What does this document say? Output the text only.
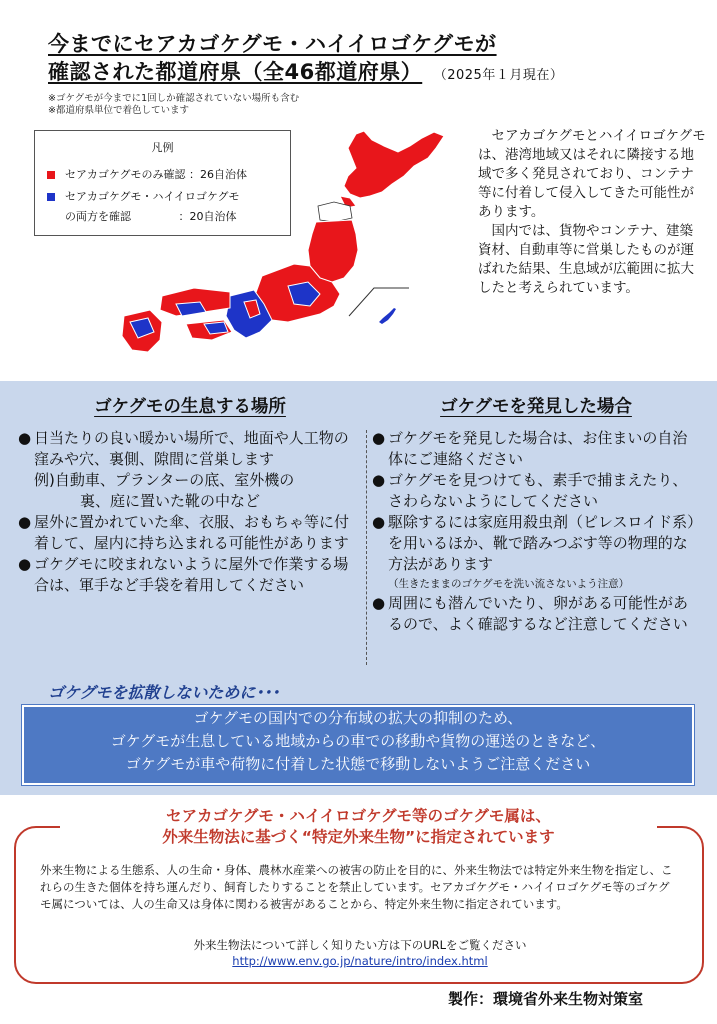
今までにセアカゴケグモ・ハイイロゴケグモが
確認された都道府県（全46都道府県） （2025年１月現在）
※ゴケグモが今までに1回しか確認されていない場所も含む
※都道府県単位で着色しています
凡例
セアカゴケグモのみ確認 ：26自治体
セアカゴケグモ・ハイイロゴケグモ
の両方を確認　　　　 ：20自治体

　セアカゴケグモとハイイロゴケグモは、港湾地域又はそれに隣接する地域で多く発見されており、コンテナ等に付着して侵入してきた可能性があります。

　国内では、貨物やコンテナ、建築資材、自動車等に営巣したものが運ばれた結果、生息域が広範囲に拡大したと考えられています。

ゴケグモの生息する場所	ゴケグモを発見した場合
● 日当たりの良い暖かい場所で、地面や人工物の窪みや穴、裏側、隙間に営巣します
例)自動車、プランターの底、室外機の
裏、庭に置いた靴の中など
● 屋外に置かれていた傘、衣服、おもちゃ等に付着して、屋内に持ち込まれる可能性があります
● ゴケグモに咬まれないように屋外で作業する場合は、軍手など手袋を着用してください
● ゴケグモを発見した場合は、お住まいの自治体にご連絡ください
● ゴケグモを見つけても、素手で捕まえたり、さわらないようにしてください
● 駆除するには家庭用殺虫剤（ピレスロイド系）を用いるほか、靴で踏みつぶす等の物理的な方法があります
（生きたままのゴケグモを洗い流さないよう注意）
● 周囲にも潜んでいたり、卵がある可能性があるので、よく確認するなど注意してください
ゴケグモを拡散しないために･･･
ゴケグモの国内での分布域の拡大の抑制のため、
ゴケグモが生息している地域からの車での移動や貨物の運送のときなど、
ゴケグモが車や荷物に付着した状態で移動しないようご注意ください
セアカゴケグモ・ハイイロゴケグモ等のゴケグモ属は、
外来生物法に基づく“特定外来生物”に指定されています
外来生物による生態系、人の生命・身体、農林水産業への被害の防止を目的に、外来生物法では特定外来生物を指定し、これらの生きた個体を持ち運んだり、飼育したりすることを禁止しています。セアカゴケグモ・ハイイロゴケグモ等のゴケグモ属については、人の生命又は身体に関わる被害があることから、特定外来生物に指定されています。
外来生物法について詳しく知りたい方は下のURLをご覧ください
http://www.env.go.jp/nature/intro/index.html
製作：環境省外来生物対策室
